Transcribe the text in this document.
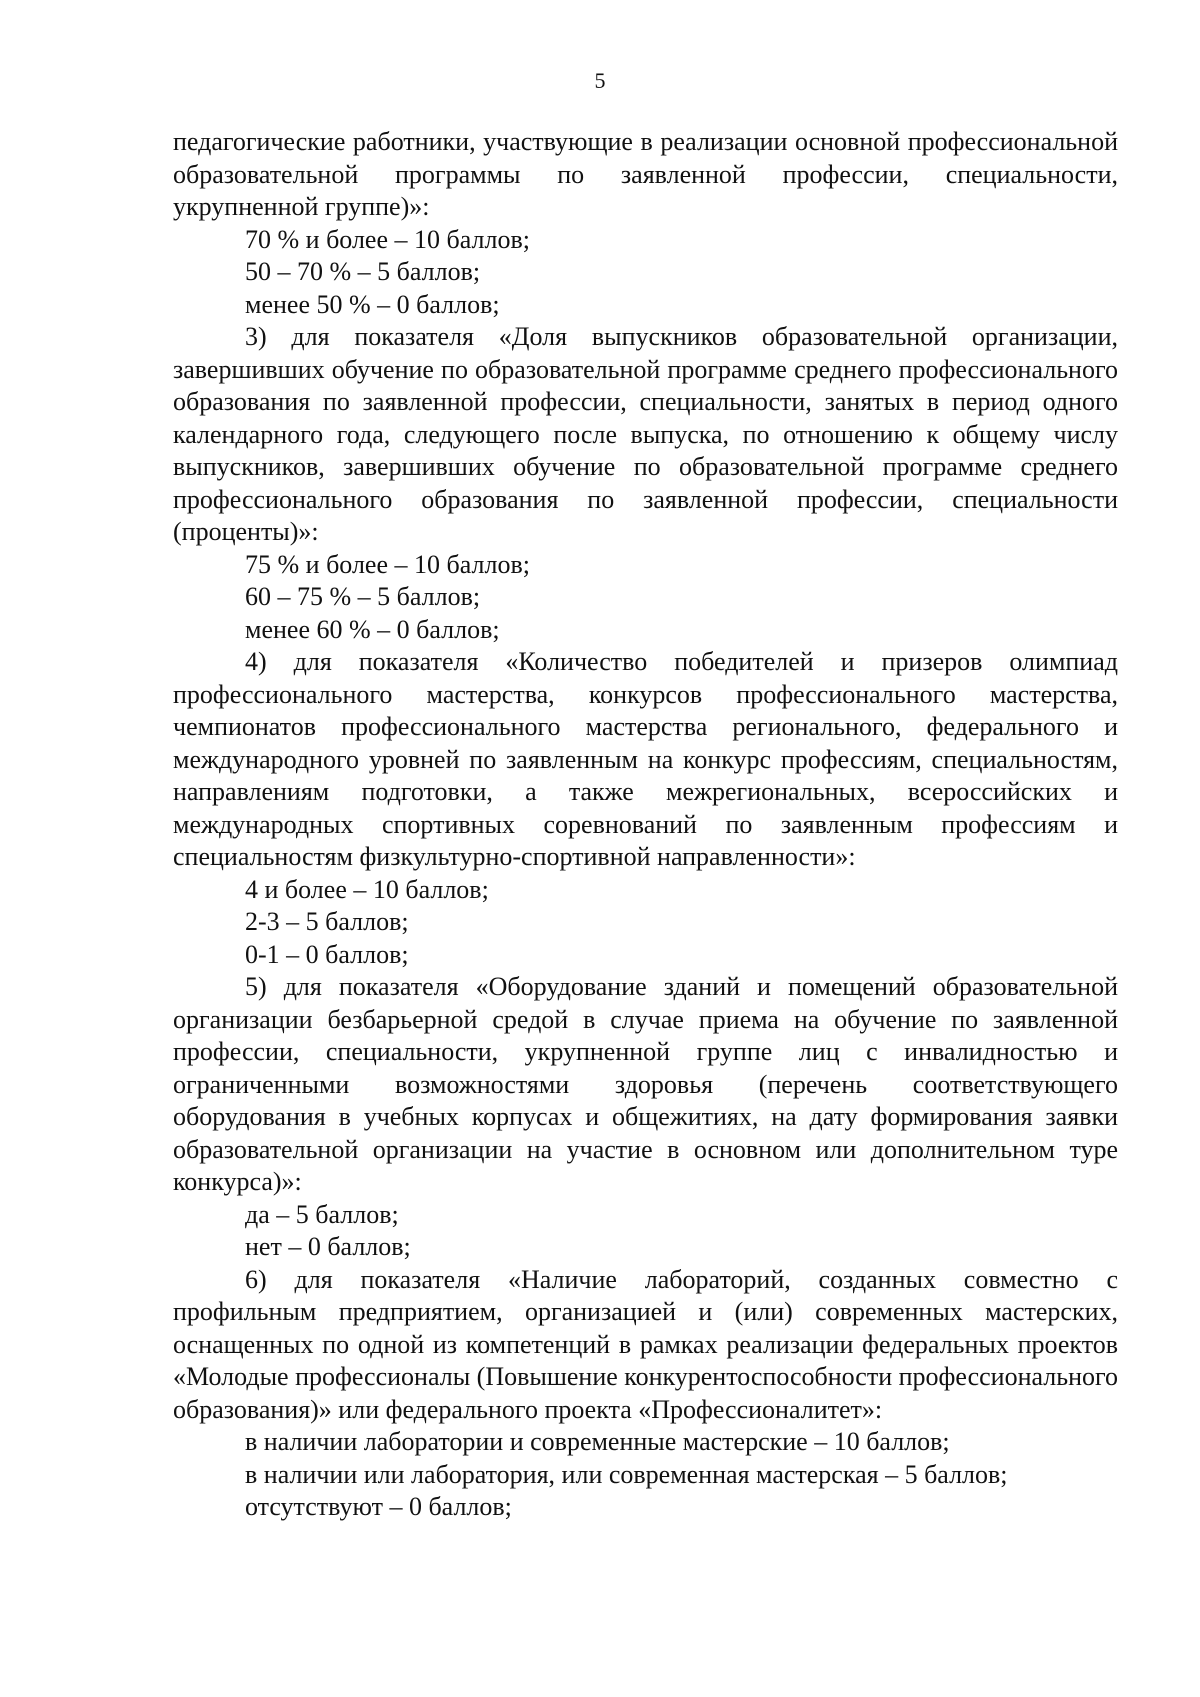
5

педагогические работники, участвующие в реализации основной профессиональной образовательной программы по заявленной профессии, специальности, укрупненной группе)»:

70 % и более – 10 баллов;

50 – 70 % – 5 баллов;

менее 50 % – 0 баллов;

3) для показателя «Доля выпускников образовательной организации, завершивших обучение по образовательной программе среднего профессионального образования по заявленной профессии, специальности, занятых в период одного календарного года, следующего после выпуска, по отношению к общему числу выпускников, завершивших обучение по образовательной программе среднего профессионального образования по заявленной профессии, специальности (проценты)»:

75 % и более – 10 баллов;

60 – 75 % – 5 баллов;

менее 60 % – 0 баллов;

4) для показателя «Количество победителей и призеров олимпиад профессионального мастерства, конкурсов профессионального мастерства, чемпионатов профессионального мастерства регионального, федерального и международного уровней по заявленным на конкурс профессиям, специальностям, направлениям подготовки, а также межрегиональных, всероссийских и международных спортивных соревнований по заявленным профессиям и специальностям физкультурно-спортивной направленности»:

4 и более – 10 баллов;

2-3 – 5 баллов;

0-1 – 0 баллов;

5) для показателя «Оборудование зданий и помещений образовательной организации безбарьерной средой в случае приема на обучение по заявленной профессии, специальности, укрупненной группе лиц с инвалидностью и ограниченными возможностями здоровья (перечень соответствующего оборудования в учебных корпусах и общежитиях, на дату формирования заявки образовательной организации на участие в основном или дополнительном туре конкурса)»:

да – 5 баллов;

нет – 0 баллов;

6) для показателя «Наличие лабораторий, созданных совместно с профильным предприятием, организацией и (или) современных мастерских, оснащенных по одной из компетенций в рамках реализации федеральных проектов «Молодые профессионалы (Повышение конкурентоспособности профессионального образования)» или федерального проекта «Профессионалитет»:

в наличии лаборатории и современные мастерские – 10 баллов;

в наличии или лаборатория, или современная мастерская – 5 баллов;

отсутствуют – 0 баллов;
